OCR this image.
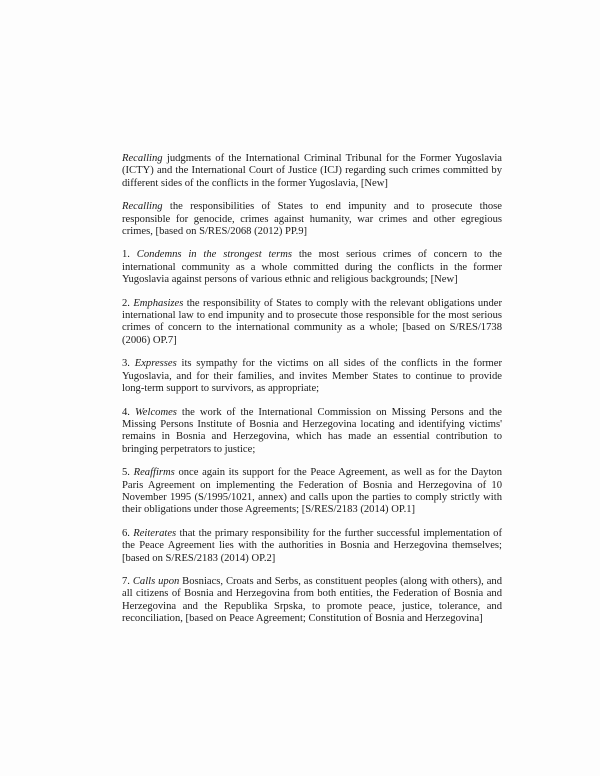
Recalling judgments of the International Criminal Tribunal for the Former Yugoslavia (ICTY) and the International Court of Justice (ICJ) regarding such crimes committed by different sides of the conflicts in the former Yugoslavia, [New]

Recalling the responsibilities of States to end impunity and to prosecute those responsible for genocide, crimes against humanity, war crimes and other egregious crimes, [based on S/RES/2068 (2012) PP.9]

1. Condemns in the strongest terms the most serious crimes of concern to the international community as a whole committed during the conflicts in the former Yugoslavia against persons of various ethnic and religious backgrounds; [New]

2. Emphasizes the responsibility of States to comply with the relevant obligations under international law to end impunity and to prosecute those responsible for the most serious crimes of concern to the international community as a whole; [based on S/RES/1738 (2006) OP.7]

3. Expresses its sympathy for the victims on all sides of the conflicts in the former Yugoslavia, and for their families, and invites Member States to continue to provide long-term support to survivors, as appropriate;

4. Welcomes the work of the International Commission on Missing Persons and the Missing Persons Institute of Bosnia and Herzegovina locating and identifying victims' remains in Bosnia and Herzegovina, which has made an essential contribution to bringing perpetrators to justice;

5. Reaffirms once again its support for the Peace Agreement, as well as for the Dayton Paris Agreement on implementing the Federation of Bosnia and Herzegovina of 10 November 1995 (S/1995/1021, annex) and calls upon the parties to comply strictly with their obligations under those Agreements; [S/RES/2183 (2014) OP.1]

6. Reiterates that the primary responsibility for the further successful implementation of the Peace Agreement lies with the authorities in Bosnia and Herzegovina themselves; [based on S/RES/2183 (2014) OP.2]

7. Calls upon Bosniacs, Croats and Serbs, as constituent peoples (along with others), and all citizens of Bosnia and Herzegovina from both entities, the Federation of Bosnia and Herzegovina and the Republika Srpska, to promote peace, justice, tolerance, and reconciliation, [based on Peace Agreement; Constitution of Bosnia and Herzegovina]
